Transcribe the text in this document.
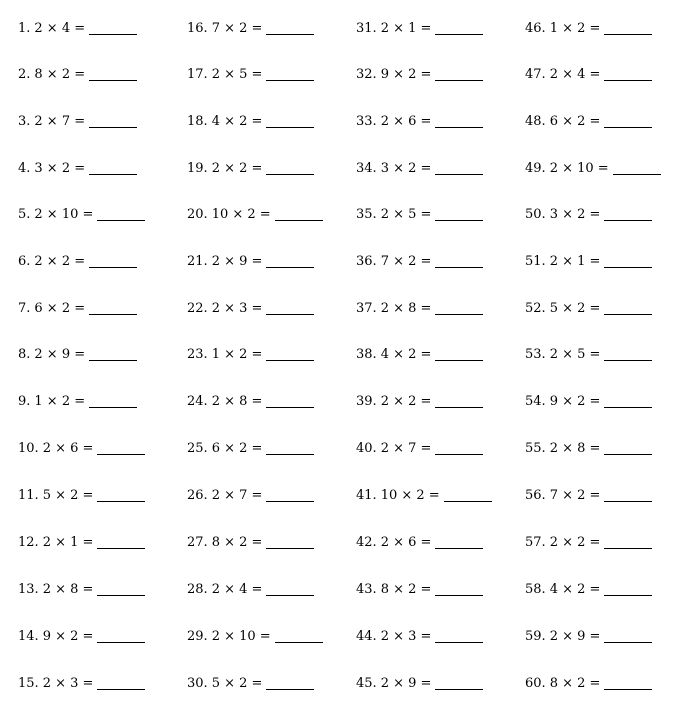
1. 2 × 4 =
2. 8 × 2 =
3. 2 × 7 =
4. 3 × 2 =
5. 2 × 10 =
6. 2 × 2 =
7. 6 × 2 =
8. 2 × 9 =
9. 1 × 2 =
10. 2 × 6 =
11. 5 × 2 =
12. 2 × 1 =
13. 2 × 8 =
14. 9 × 2 =
15. 2 × 3 =
16. 7 × 2 =
17. 2 × 5 =
18. 4 × 2 =
19. 2 × 2 =
20. 10 × 2 =
21. 2 × 9 =
22. 2 × 3 =
23. 1 × 2 =
24. 2 × 8 =
25. 6 × 2 =
26. 2 × 7 =
27. 8 × 2 =
28. 2 × 4 =
29. 2 × 10 =
30. 5 × 2 =
31. 2 × 1 =
32. 9 × 2 =
33. 2 × 6 =
34. 3 × 2 =
35. 2 × 5 =
36. 7 × 2 =
37. 2 × 8 =
38. 4 × 2 =
39. 2 × 2 =
40. 2 × 7 =
41. 10 × 2 =
42. 2 × 6 =
43. 8 × 2 =
44. 2 × 3 =
45. 2 × 9 =
46. 1 × 2 =
47. 2 × 4 =
48. 6 × 2 =
49. 2 × 10 =
50. 3 × 2 =
51. 2 × 1 =
52. 5 × 2 =
53. 2 × 5 =
54. 9 × 2 =
55. 2 × 8 =
56. 7 × 2 =
57. 2 × 2 =
58. 4 × 2 =
59. 2 × 9 =
60. 8 × 2 =
